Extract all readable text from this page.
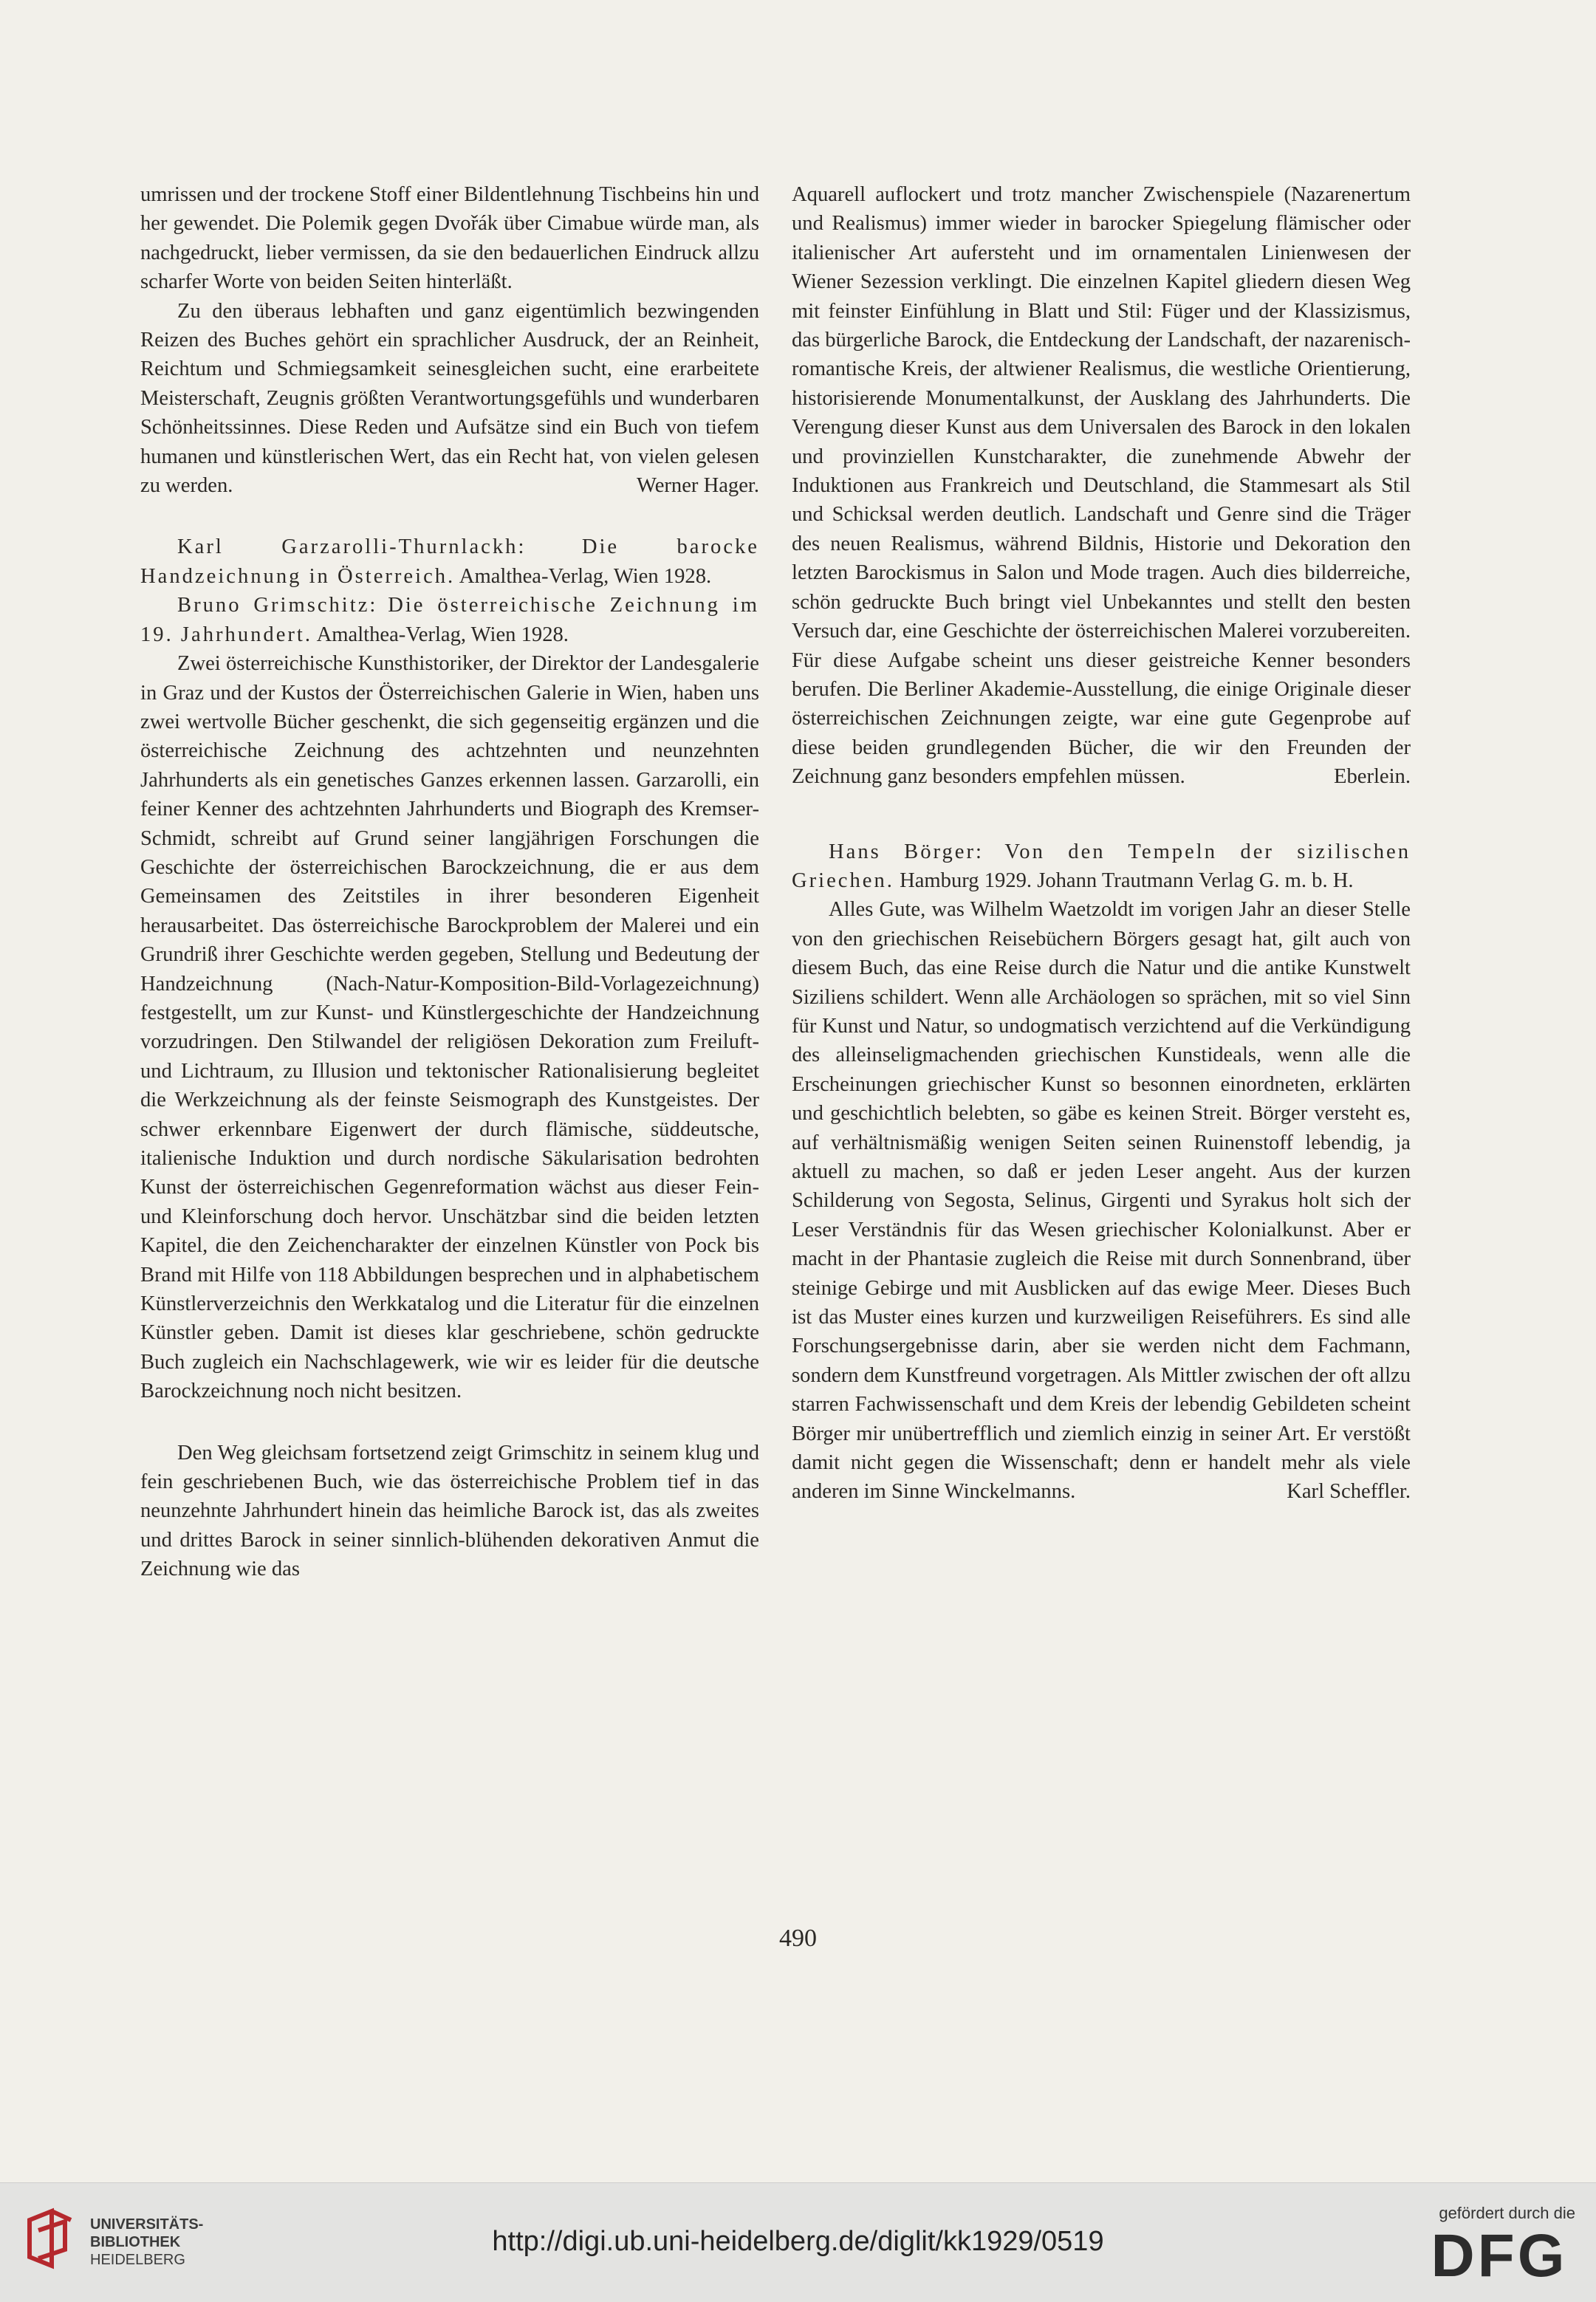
umrissen und der trockene Stoff einer Bildentlehnung Tischbeins hin und her gewendet. Die Polemik gegen Dvořák über Cimabue würde man, als nachgedruckt, lieber vermissen, da sie den bedauerlichen Eindruck allzu scharfer Worte von beiden Seiten hinterläßt.

Zu den überaus lebhaften und ganz eigentümlich bezwingenden Reizen des Buches gehört ein sprachlicher Ausdruck, der an Reinheit, Reichtum und Schmiegsamkeit seinesgleichen sucht, eine erarbeitete Meisterschaft, Zeugnis größten Verantwortungsgefühls und wunderbaren Schönheitssinnes. Diese Reden und Aufsätze sind ein Buch von tiefem humanen und künstlerischen Wert, das ein Recht hat, von vielen gelesen zu werden.	Werner Hager.

Karl Garzarolli-Thurnlackh:	Die barocke Handzeichnung in Österreich. Amalthea-Verlag, Wien 1928.

Bruno Grimschitz: Die österreichische Zeichnung im 19. Jahrhundert. Amalthea-Verlag, Wien 1928.

Zwei österreichische Kunsthistoriker, der Direktor der Landesgalerie in Graz und der Kustos der Österreichischen Galerie in Wien, haben uns zwei wertvolle Bücher geschenkt, die sich gegenseitig ergänzen und die österreichische Zeichnung des achtzehnten und neunzehnten Jahrhunderts als ein genetisches Ganzes erkennen lassen. Garzarolli, ein feiner Kenner des achtzehnten Jahrhunderts und Biograph des Kremser-Schmidt, schreibt auf Grund seiner langjährigen Forschungen die Geschichte der österreichischen Barockzeichnung, die er aus dem Gemeinsamen des Zeitstiles in ihrer besonderen Eigenheit herausarbeitet. Das österreichische Barockproblem der Malerei und ein Grundriß ihrer Geschichte werden gegeben, Stellung und Bedeutung der Handzeichnung (Nach-Natur-Komposition-Bild-Vorlagezeichnung) festgestellt, um zur Kunst- und Künstlergeschichte der Handzeichnung vorzudringen. Den Stilwandel der religiösen Dekoration zum Freiluft- und Lichtraum, zu Illusion und tektonischer Rationalisierung begleitet die Werkzeichnung als der feinste Seismograph des Kunstgeistes. Der schwer erkennbare Eigenwert der durch flämische, süddeutsche, italienische Induktion und durch nordische Säkularisation bedrohten Kunst der österreichischen Gegenreformation wächst aus dieser Fein- und Kleinforschung doch hervor. Unschätzbar sind die beiden letzten Kapitel, die den Zeichencharakter der einzelnen Künstler von Pock bis Brand mit Hilfe von 118 Abbildungen besprechen und in alphabetischem Künstlerverzeichnis den Werkkatalog und die Literatur für die einzelnen Künstler geben. Damit ist dieses klar geschriebene, schön gedruckte Buch zugleich ein Nachschlagewerk, wie wir es leider für die deutsche Barockzeichnung noch nicht besitzen.

Den Weg gleichsam fortsetzend zeigt Grimschitz in seinem klug und fein geschriebenen Buch, wie das österreichische Problem tief in das neunzehnte Jahrhundert hinein das heimliche Barock ist, das als zweites und drittes Barock in seiner sinnlich-blühenden dekorativen Anmut die Zeichnung wie das

Aquarell auflockert und trotz mancher Zwischenspiele (Nazarenertum und Realismus) immer wieder in barocker Spiegelung flämischer oder italienischer Art aufersteht und im ornamentalen Linienwesen der Wiener Sezession verklingt. Die einzelnen Kapitel gliedern diesen Weg mit feinster Einfühlung in Blatt und Stil: Füger und der Klassizismus, das bürgerliche Barock, die Entdeckung der Landschaft, der nazarenisch-romantische Kreis, der altwiener Realismus, die westliche Orientierung, historisierende Monumentalkunst, der Ausklang des Jahrhunderts. Die Verengung dieser Kunst aus dem Universalen des Barock in den lokalen und provinziellen Kunstcharakter, die zunehmende Abwehr der Induktionen aus Frankreich und Deutschland, die Stammesart als Stil und Schicksal werden deutlich. Landschaft und Genre sind die Träger des neuen Realismus, während Bildnis, Historie und Dekoration den letzten Barockismus in Salon und Mode tragen. Auch dies bilderreiche, schön gedruckte Buch bringt viel Unbekanntes und stellt den besten Versuch dar, eine Geschichte der österreichischen Malerei vorzubereiten. Für diese Aufgabe scheint uns dieser geistreiche Kenner besonders berufen. Die Berliner Akademie-Ausstellung, die einige Originale dieser österreichischen Zeichnungen zeigte, war eine gute Gegenprobe auf diese beiden grundlegenden Bücher, die wir den Freunden der Zeichnung ganz besonders empfehlen müssen.	Eberlein.

Hans Börger: Von den Tempeln der sizilischen Griechen. Hamburg 1929. Johann Trautmann Verlag G. m. b. H.

Alles Gute, was Wilhelm Waetzoldt im vorigen Jahr an dieser Stelle von den griechischen Reisebüchern Börgers gesagt hat, gilt auch von diesem Buch, das eine Reise durch die Natur und die antike Kunstwelt Siziliens schildert. Wenn alle Archäologen so sprächen, mit so viel Sinn für Kunst und Natur, so undogmatisch verzichtend auf die Verkündigung des alleinseligmachenden griechischen Kunstideals, wenn alle die Erscheinungen griechischer Kunst so besonnen einordneten, erklärten und geschichtlich belebten, so gäbe es keinen Streit. Börger versteht es, auf verhältnismäßig wenigen Seiten seinen Ruinenstoff lebendig, ja aktuell zu machen, so daß er jeden Leser angeht. Aus der kurzen Schilderung von Segosta, Selinus, Girgenti und Syrakus holt sich der Leser Verständnis für das Wesen griechischer Kolonialkunst. Aber er macht in der Phantasie zugleich die Reise mit durch Sonnenbrand, über steinige Gebirge und mit Ausblicken auf das ewige Meer. Dieses Buch ist das Muster eines kurzen und kurzweiligen Reiseführers. Es sind alle Forschungsergebnisse darin, aber sie werden nicht dem Fachmann, sondern dem Kunstfreund vorgetragen. Als Mittler zwischen der oft allzu starren Fachwissenschaft und dem Kreis der lebendig Gebildeten scheint Börger mir unübertrefflich und ziemlich einzig in seiner Art. Er verstößt damit nicht gegen die Wissenschaft; denn er handelt mehr als viele anderen im Sinne Winckelmanns.	Karl Scheffler.

490
UNIVERSITÄTS-
BIBLIOTHEK
HEIDELBERG
http://digi.ub.uni-heidelberg.de/diglit/kk1929/0519
gefördert durch die
DFG
